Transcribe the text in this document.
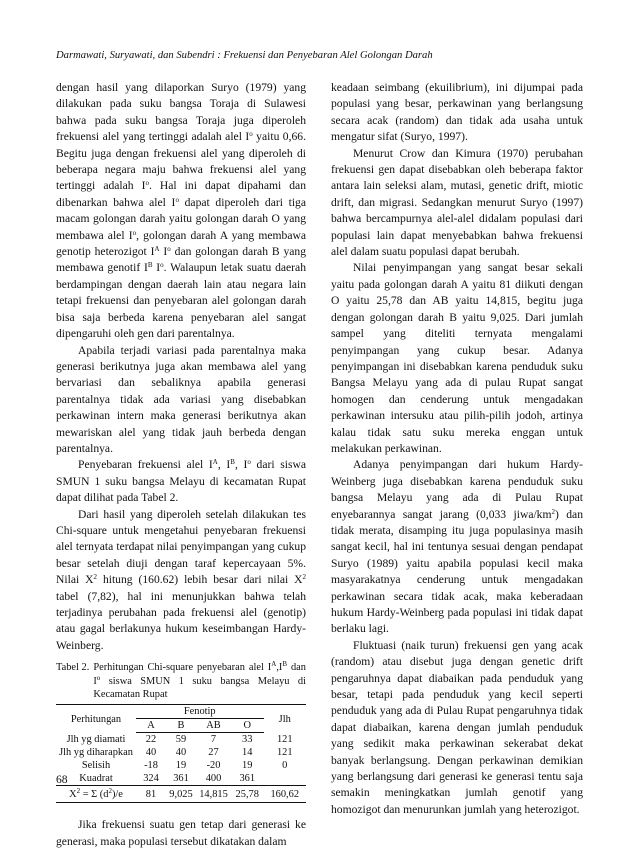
Darmawati, Suryawati, dan Subendri : Frekuensi dan Penyebaran Alel Golongan Darah

dengan hasil yang dilaporkan Suryo (1979) yang dilakukan pada suku bangsa Toraja di Sulawesi bahwa pada suku bangsa Toraja juga diperoleh frekuensi alel yang tertinggi adalah alel $I^o$ yaitu 0,66. Begitu juga dengan frekuensi alel yang diperoleh di beberapa negara maju bahwa frekuensi alel yang tertinggi adalah $I^o$. Hal ini dapat dipahami dan dibenarkan bahwa alel $I^o$ dapat diperoleh dari tiga macam golongan darah yaitu golongan darah O yang membawa alel $I^o$, golongan darah A yang membawa genotip heterozigot $I^A$ $I^o$ dan golongan darah B yang membawa genotif $I^B$ $I^o$. Walaupun letak suatu daerah berdampingan dengan daerah lain atau negara lain tetapi frekuensi dan penyebaran alel golongan darah bisa saja berbeda karena penyebaran alel sangat dipengaruhi oleh gen dari parentalnya.

Apabila terjadi variasi pada parentalnya maka generasi berikutnya juga akan membawa alel yang bervariasi dan sebaliknya apabila generasi parentalnya tidak ada variasi yang disebabkan perkawinan intern maka generasi berikutnya akan mewariskan alel yang tidak jauh berbeda dengan parentalnya.

Penyebaran frekuensi alel $I^A$, $I^B$, $I^o$ dari siswa SMUN 1 suku bangsa Melayu di kecamatan Rupat dapat dilihat pada Tabel 2.

Dari hasil yang diperoleh setelah dilakukan tes Chi-square untuk mengetahui penyebaran frekuensi alel ternyata terdapat nilai penyimpangan yang cukup besar setelah diuji dengan taraf kepercayaan 5%. Nilai $X^2$ hitung (160.62) lebih besar dari nilai $X^2$ tabel (7,82), hal ini menunjukkan bahwa telah terjadinya perubahan pada frekuensi alel (genotip) atau gagal berlakunya hukum keseimbangan Hardy-Weinberg.

Tabel 2. Perhitungan Chi-square penyebaran alel $I^A,I^B$ dan $I^o$ siswa SMUN 1 suku bangsa Melayu di Kecamatan Rupat

Perhitungan	Fenotip				Jlh
	A	B	AB	O	
Jlh yg diamati	22	59	7	33	121
Jlh yg diharapkan	40	40	27	14	121
Selisih	-18	19	-20	19	0
Kuadrat	324	361	400	361	
$X^2 = \Sigma$ $(d^2)/e$	81	9,025	14,815	25,78	160,62

Jika frekuensi suatu gen tetap dari generasi ke generasi, maka populasi tersebut dikatakan dalam

keadaan seimbang (ekuilibrium), ini dijumpai pada populasi yang besar, perkawinan yang berlangsung secara acak (random) dan tidak ada usaha untuk mengatur sifat (Suryo, 1997).

Menurut Crow dan Kimura (1970) perubahan frekuensi gen dapat disebabkan oleh beberapa faktor antara lain seleksi alam, mutasi, genetic drift, miotic drift, dan migrasi. Sedangkan menurut Suryo (1997) bahwa bercampurnya alel-alel didalam populasi dari populasi lain dapat menyebabkan bahwa frekuensi alel dalam suatu populasi dapat berubah.

Nilai penyimpangan yang sangat besar sekali yaitu pada golongan darah A yaitu 81 diikuti dengan O yaitu 25,78 dan AB yaitu 14,815, begitu juga dengan golongan darah B yaitu 9,025. Dari jumlah sampel yang diteliti ternyata mengalami penyimpangan yang cukup besar. Adanya penyimpangan ini disebabkan karena penduduk suku Bangsa Melayu yang ada di pulau Rupat sangat homogen dan cenderung untuk mengadakan perkawinan intersuku atau pilih-pilih jodoh, artinya kalau tidak satu suku mereka enggan untuk melakukan perkawinan.

Adanya penyimpangan dari hukum Hardy-Weinberg juga disebabkan karena penduduk suku bangsa Melayu yang ada di Pulau Rupat enyebarannya sangat jarang (0,033 jiwa/$km^2$) dan tidak merata, disamping itu juga populasinya masih sangat kecil, hal ini tentunya sesuai dengan pendapat Suryo (1989) yaitu apabila populasi kecil maka masyarakatnya cenderung untuk mengadakan perkawinan secara tidak acak, maka keberadaan hukum Hardy-Weinberg pada populasi ini tidak dapat berlaku lagi.

Fluktuasi (naik turun) frekuensi gen yang acak (random) atau disebut juga dengan genetic drift pengaruhnya dapat diabaikan pada penduduk yang besar, tetapi pada penduduk yang kecil seperti penduduk yang ada di Pulau Rupat pengaruhnya tidak dapat diabaikan, karena dengan jumlah penduduk yang sedikit maka perkawinan sekerabat dekat banyak berlangsung. Dengan perkawinan demikian yang berlangsung dari generasi ke generasi tentu saja semakin meningkatkan jumlah genotif yang homozigot dan menurunkan jumlah yang heterozigot.

68
